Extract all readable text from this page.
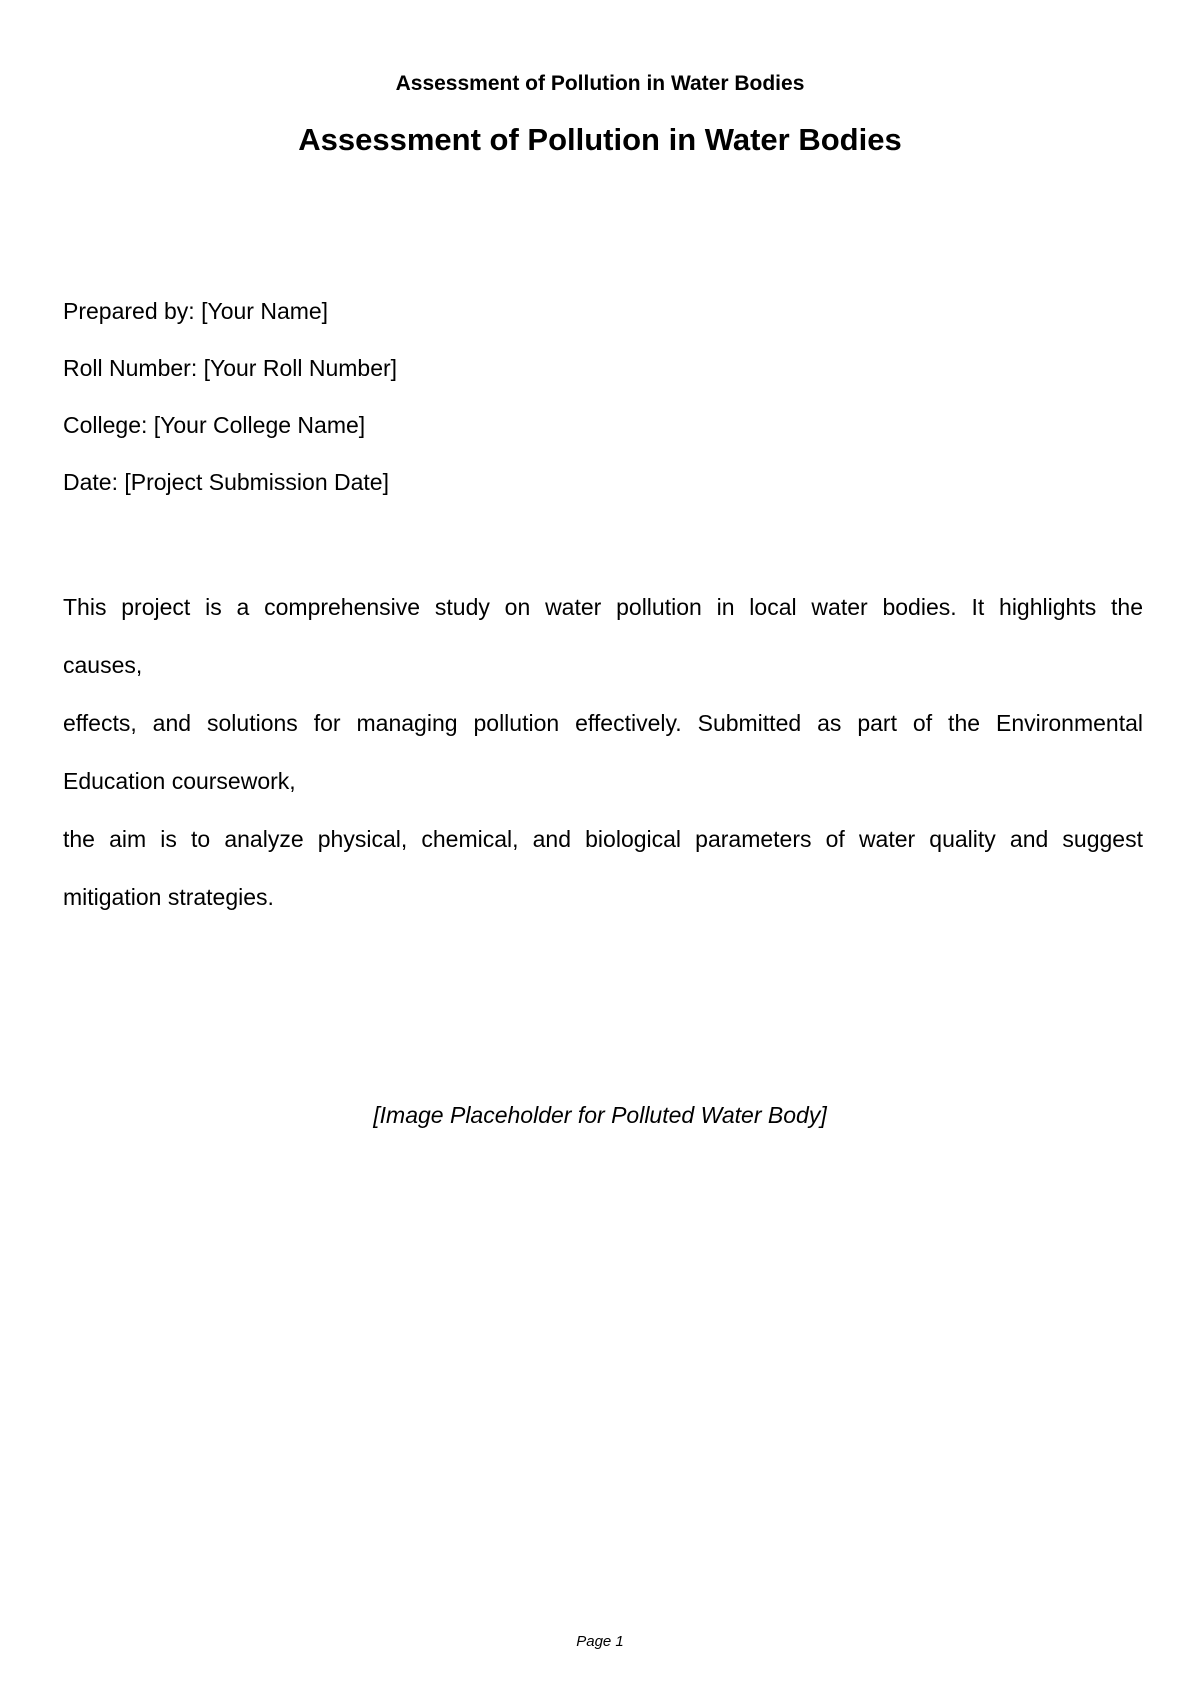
Assessment of Pollution in Water Bodies
Assessment of Pollution in Water Bodies
Prepared by: [Your Name]
Roll Number: [Your Roll Number]
College: [Your College Name]
Date: [Project Submission Date]
This project is a comprehensive study on water pollution in local water bodies. It highlights the
causes,
effects, and solutions for managing pollution effectively. Submitted as part of the Environmental
Education coursework,
the aim is to analyze physical, chemical, and biological parameters of water quality and suggest
mitigation strategies.
[Image Placeholder for Polluted Water Body]
Page 1
